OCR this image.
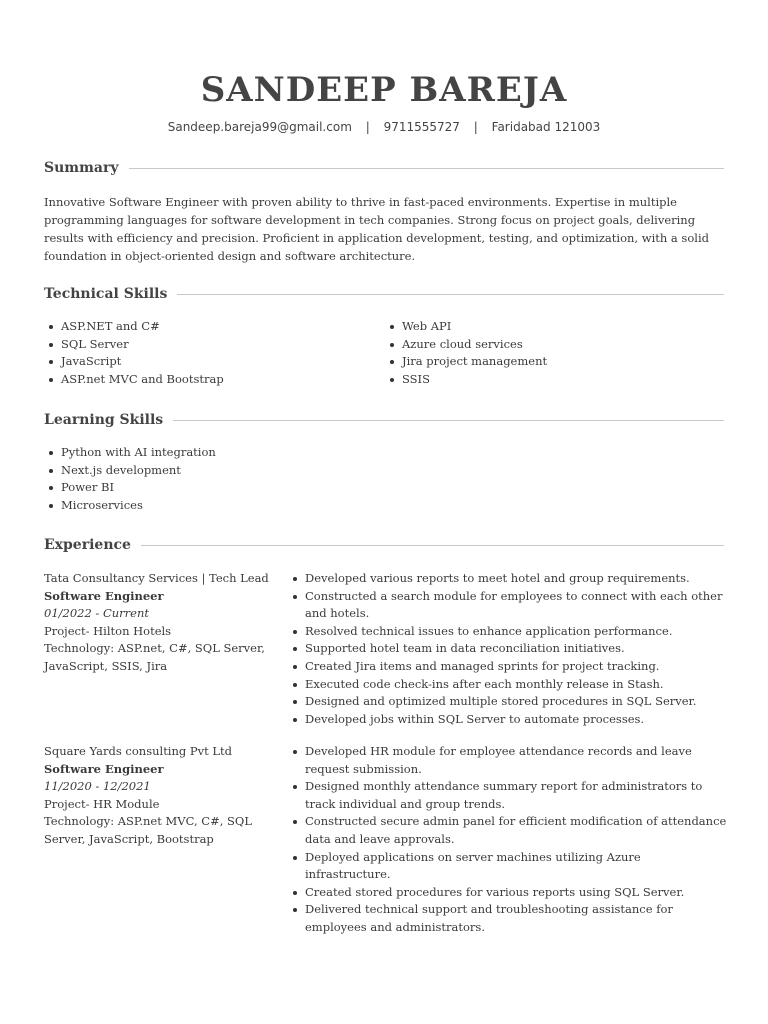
SANDEEP BAREJA
Sandeep.bareja99@gmail.com | 9711555727 | Faridabad 121003
Summary
Innovative Software Engineer with proven ability to thrive in fast-paced environments. Expertise in multiple programming languages for software development in tech companies. Strong focus on project goals, delivering results with efficiency and precision. Proficient in application development, testing, and optimization, with a solid foundation in object-oriented design and software architecture.
Technical Skills
ASP.NET and C#
SQL Server
JavaScript
ASP.net MVC and Bootstrap
Web API
Azure cloud services
Jira project management
SSIS
Learning Skills
Python with AI integration
Next.js development
Power BI
Microservices
Experience
Tata Consultancy Services | Tech Lead
Software Engineer
01/2022 - Current
Project- Hilton Hotels
Technology: ASP.net, C#, SQL Server, JavaScript, SSIS, Jira
Developed various reports to meet hotel and group requirements.
Constructed a search module for employees to connect with each other and hotels.
Resolved technical issues to enhance application performance.
Supported hotel team in data reconciliation initiatives.
Created Jira items and managed sprints for project tracking.
Executed code check-ins after each monthly release in Stash.
Designed and optimized multiple stored procedures in SQL Server.
Developed jobs within SQL Server to automate processes.
Square Yards consulting Pvt Ltd
Software Engineer
11/2020 - 12/2021
Project- HR Module
Technology: ASP.net MVC, C#, SQL Server, JavaScript, Bootstrap
Developed HR module for employee attendance records and leave request submission.
Designed monthly attendance summary report for administrators to track individual and group trends.
Constructed secure admin panel for efficient modification of attendance data and leave approvals.
Deployed applications on server machines utilizing Azure infrastructure.
Created stored procedures for various reports using SQL Server.
Delivered technical support and troubleshooting assistance for employees and administrators.
